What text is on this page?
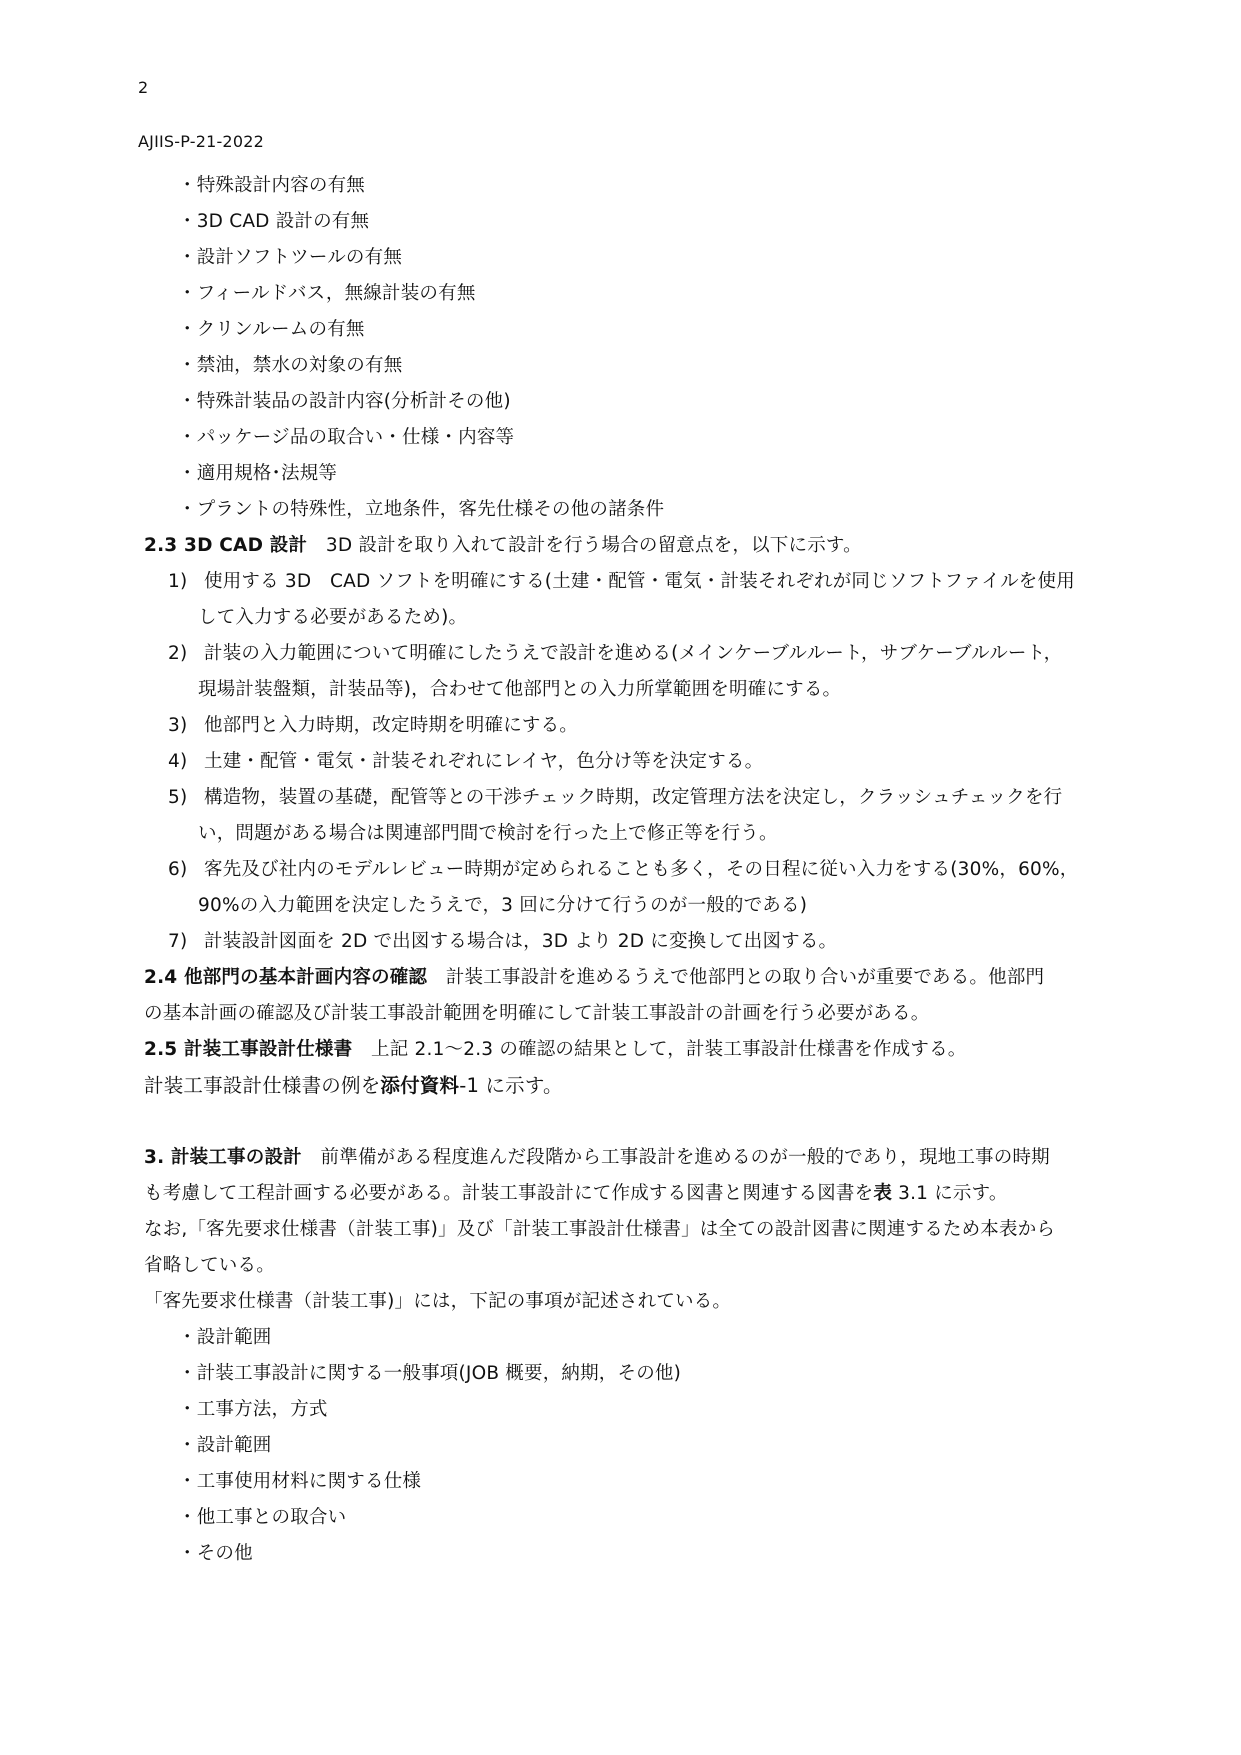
2
AJIIS-P-21-2022
・特殊設計内容の有無
・3D CAD 設計の有無
・設計ソフトツールの有無
・フィールドバス，無線計装の有無
・クリンルームの有無
・禁油，禁水の対象の有無
・特殊計装品の設計内容(分析計その他)
・パッケージ品の取合い・仕様・内容等
・適用規格･法規等
・プラントの特殊性，立地条件，客先仕様その他の諸条件
2.3 3D CAD 設計　 3D 設計を取り入れて設計を行う場合の留意点を，以下に示す。
1) 使用する 3D　CAD ソフトを明確にする(土建・配管・電気・計装それぞれが同じソフトファイルを使用
して入力する必要があるため)。
2) 計装の入力範囲について明確にしたうえで設計を進める(メインケーブルルート，サブケーブルルート，
現場計装盤類，計装品等)，合わせて他部門との入力所掌範囲を明確にする。
3) 他部門と入力時期，改定時期を明確にする。
4) 土建・配管・電気・計装それぞれにレイヤ，色分け等を決定する。
5) 構造物，装置の基礎，配管等との干渉チェック時期，改定管理方法を決定し，クラッシュチェックを行
い，問題がある場合は関連部門間で検討を行った上で修正等を行う。
6) 客先及び社内のモデルレビュー時期が定められることも多く，その日程に従い入力をする(30%，60%，
90%の入力範囲を決定したうえで，3 回に分けて行うのが一般的である)
7) 計装設計図面を 2D で出図する場合は，3D より 2D に変換して出図する。
2.4 他部門の基本計画内容の確認　 計装工事設計を進めるうえで他部門との取り合いが重要である。他部門
の基本計画の確認及び計装工事設計範囲を明確にして計装工事設計の計画を行う必要がある。
2.5 計装工事設計仕様書　 上記 2.1～2.3 の確認の結果として，計装工事設計仕様書を作成する。
計装工事設計仕様書の例を添付資料-1 に示す。
3. 計装工事の設計　 前準備がある程度進んだ段階から工事設計を進めるのが一般的であり，現地工事の時期
も考慮して工程計画する必要がある。計装工事設計にて作成する図書と関連する図書を表 3.1 に示す。
なお,「客先要求仕様書（計装工事)」及び「計装工事設計仕様書」は全ての設計図書に関連するため本表から
省略している。
「客先要求仕様書（計装工事)」には，下記の事項が記述されている。
・設計範囲
・計装工事設計に関する一般事項(JOB 概要，納期，その他)
・工事方法，方式
・設計範囲
・工事使用材料に関する仕様
・他工事との取合い
・その他
